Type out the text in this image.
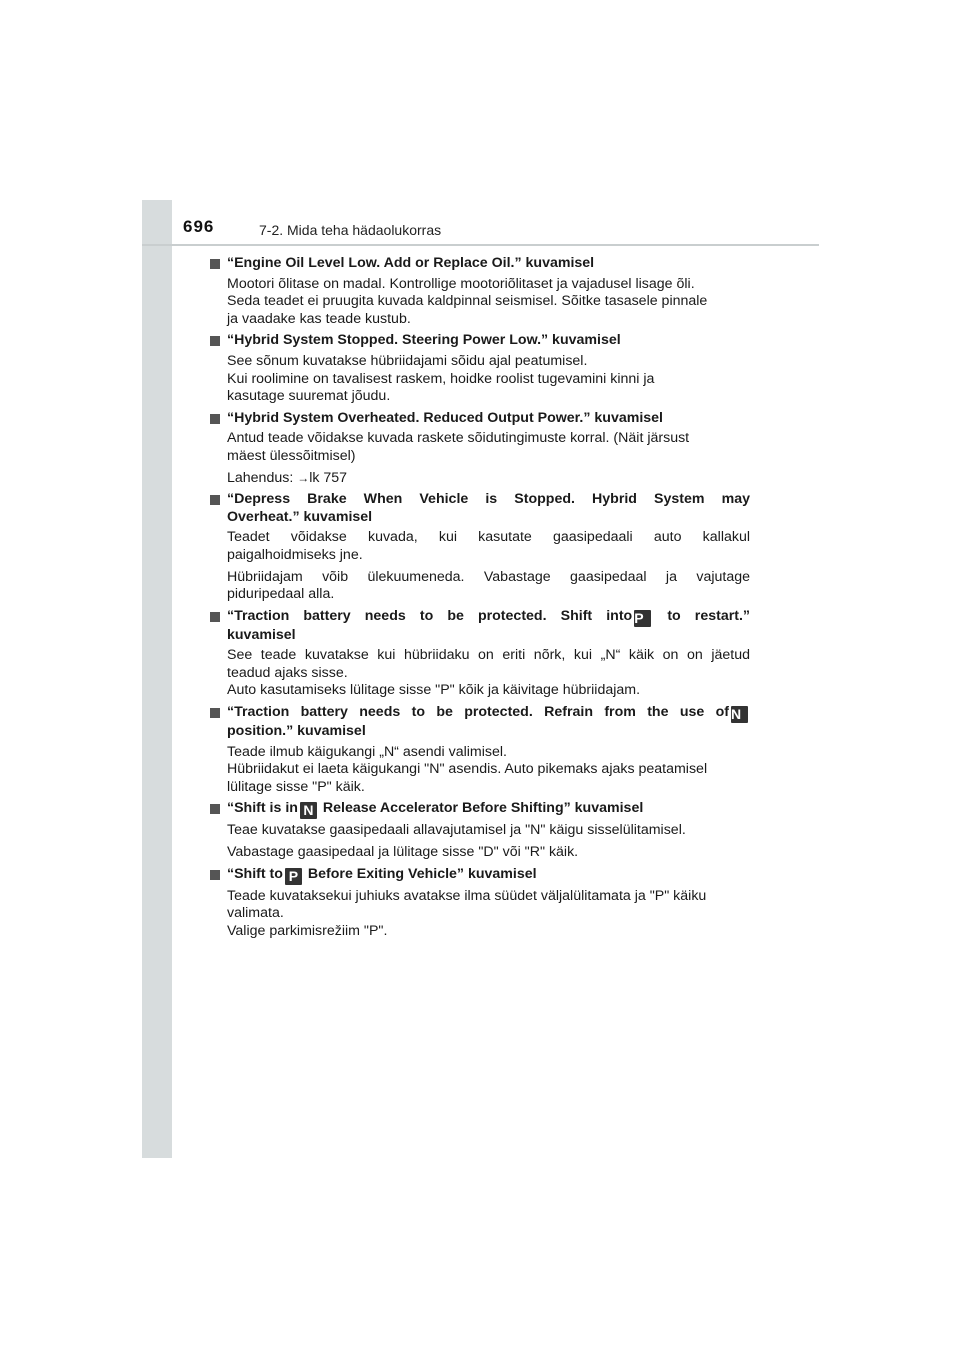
696	7-2. Mida teha hädaolukorras
“Engine Oil Level Low. Add or Replace Oil.” kuvamisel

Mootori õlitase on madal. Kontrollige mootoriõlitaset ja vajadusel lisage õli.
Seda teadet ei pruugita kuvada kaldpinnal seismisel. Sõitke tasasele pinnale
ja vaadake kas teade kustub.

“Hybrid System Stopped. Steering Power Low.” kuvamisel

See sõnum kuvatakse hübriidajami sõidu ajal peatumisel.
Kui roolimine on tavalisest raskem, hoidke roolist tugevamini kinni ja
kasutage suuremat jõudu.

“Hybrid System Overheated. Reduced Output Power.” kuvamisel

Antud teade võidakse kuvada raskete sõidutingimuste korral. (Näit järsust
mäest ülessõitmisel)

Lahendus: →lk 757

“Depress Brake When Vehicle is Stopped. Hybrid System may
Overheat.” kuvamisel

Teadet võidakse kuvada, kui kasutate gaasipedaali auto kallakul
paigalhoidmiseks jne.

Hübriidajam võib ülekuumeneda. Vabastage gaasipedaal ja vajutage
piduripedaal alla.

“Traction battery needs to be protected. Shift into P to restart.”
kuvamisel

See teade kuvatakse kui hübriidaku on eriti nõrk, kui „N“ käik on on jäetud
teadud ajaks sisse.
Auto kasutamiseks lülitage sisse "P" kõik ja käivitage hübriidajam.

“Traction battery needs to be protected. Refrain from the use of N
position.” kuvamisel

Teade ilmub käigukangi „N“ asendi valimisel.
Hübriidakut ei laeta käigukangi "N" asendis. Auto pikemaks ajaks peatamisel
lülitage sisse "P" käik.

“Shift is in N Release Accelerator Before Shifting” kuvamisel

Teae kuvatakse gaasipedaali allavajutamisel ja "N" käigu sisselülitamisel.

Vabastage gaasipedaal ja lülitage sisse "D" või "R" käik.

“Shift to P Before Exiting Vehicle” kuvamisel

Teade kuvataksekui juhiuks avatakse ilma süüdet väljalülitamata ja "P" käiku
valimata.
Valige parkimisrežiim "P".
